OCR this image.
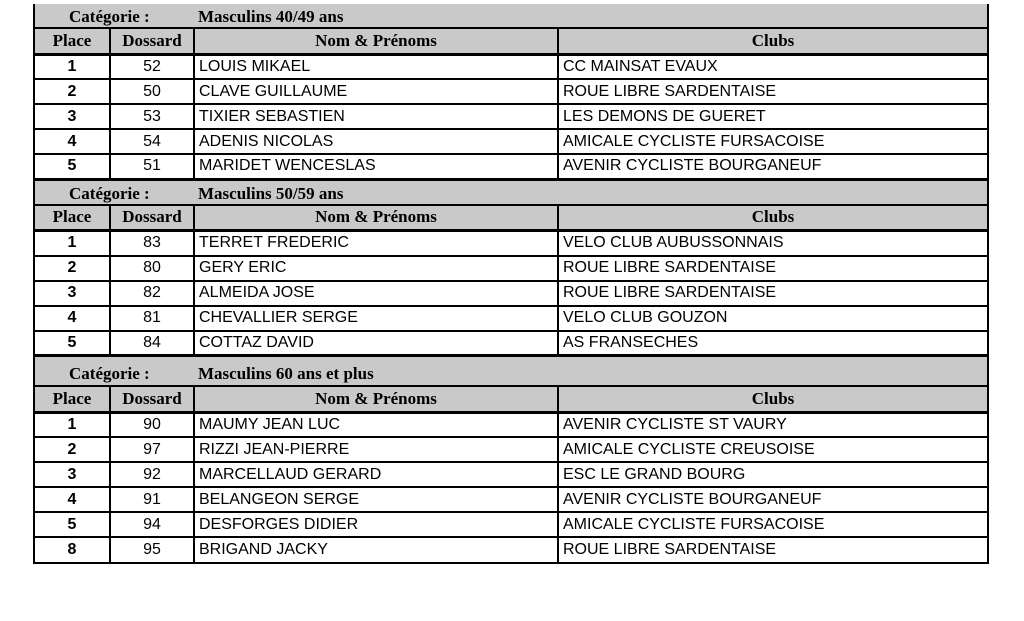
Catégorie :	Masculins 40/49 ans
Place	Dossard	Nom & Prénoms	Clubs
1	52	LOUIS MIKAEL	CC MAINSAT EVAUX
2	50	CLAVE GUILLAUME	ROUE LIBRE SARDENTAISE
3	53	TIXIER SEBASTIEN	LES DEMONS DE GUERET
4	54	ADENIS NICOLAS	AMICALE CYCLISTE FURSACOISE
5	51	MARIDET WENCESLAS	AVENIR CYCLISTE BOURGANEUF
Catégorie :	Masculins 50/59 ans
Place	Dossard	Nom & Prénoms	Clubs
1	83	TERRET FREDERIC	VELO CLUB AUBUSSONNAIS
2	80	GERY ERIC	ROUE LIBRE SARDENTAISE
3	82	ALMEIDA JOSE	ROUE LIBRE SARDENTAISE
4	81	CHEVALLIER SERGE	VELO CLUB GOUZON
5	84	COTTAZ DAVID	AS FRANSECHES
Catégorie :	Masculins 60 ans et plus
Place	Dossard	Nom & Prénoms	Clubs
1	90	MAUMY JEAN LUC	AVENIR CYCLISTE ST VAURY
2	97	RIZZI JEAN-PIERRE	AMICALE CYCLISTE CREUSOISE
3	92	MARCELLAUD GERARD	ESC LE GRAND BOURG
4	91	BELANGEON SERGE	AVENIR CYCLISTE BOURGANEUF
5	94	DESFORGES DIDIER	AMICALE CYCLISTE FURSACOISE
8	95	BRIGAND JACKY	ROUE LIBRE SARDENTAISE
